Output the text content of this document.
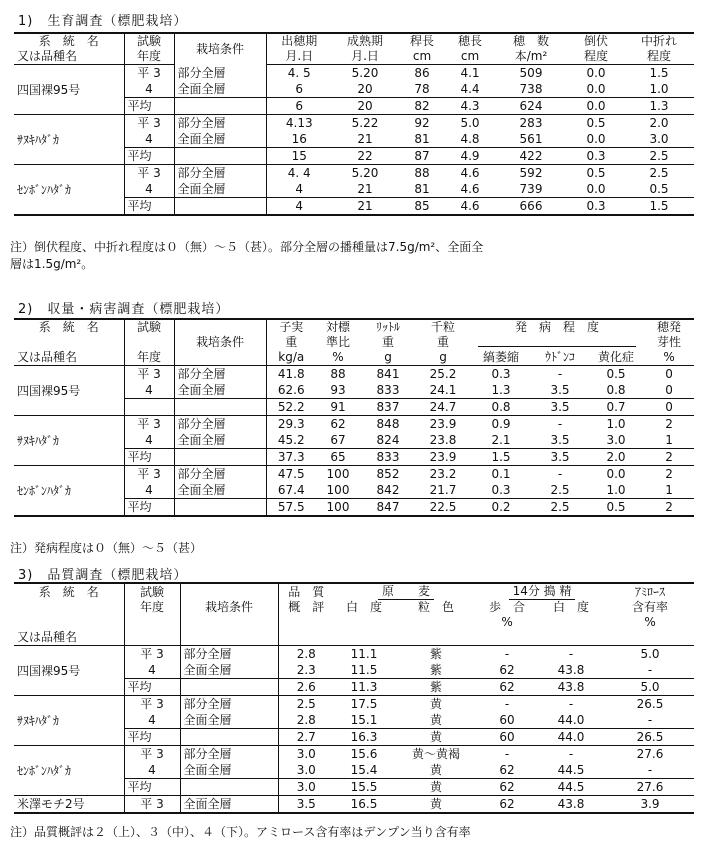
1)　生育調査（標肥栽培）
系　統　名	試験	栽培条件	出穂期	成熟期	稈長	穂長	穂　数	倒伏	中折れ
又は品種名	年度		月.日	月.日	cm	cm	本/m²	程度	程度
四国裸95号	平 3	部分全層	4. 5	5.20	86	4.1	509	0.0	1.5
	4	全面全層	6	20	78	4.4	738	0.0	1.0
	平均		6	20	82	4.3	624	0.0	1.3
ｻﾇｷﾊﾀﾞｶ	平 3	部分全層	4.13	5.22	92	5.0	283	0.5	2.0
	4	全面全層	16	21	81	4.8	561	0.0	3.0
	平均		15	22	87	4.9	422	0.3	2.5
ｾﾝﾎﾞﾝﾊﾀﾞｶ	平 3	部分全層	4. 4	5.20	88	4.6	592	0.5	2.5
	4	全面全層	4	21	81	4.6	739	0.0	0.5
	平均		4	21	85	4.6	666	0.3	1.5
注）倒伏程度、中折れ程度は０（無）〜５（甚）。部分全層の播種量は7.5g/m²、全面全
層は1.5g/m²。
2)　収量・病害調査（標肥栽培）
系　統　名	試験		子実	対標	ﾘｯﾄﾙ	千粒	発　病　程　度			穂発
		栽培条件	重	準比	重	重				芽性
又は品種名	年度		kg/a	%	g	g	縞萎縮	ｳﾄﾞﾝｺ	黄化症	%
四国裸95号	平 3	部分全層	41.8	88	841	25.2	0.3	-	0.5	0
	4	全面全層	62.6	93	833	24.1	1.3	3.5	0.8	0
			52.2	91	837	24.7	0.8	3.5	0.7	0
ｻﾇｷﾊﾀﾞｶ	平 3	部分全層	29.3	62	848	23.9	0.9	-	1.0	2
	4	全面全層	45.2	67	824	23.8	2.1	3.5	3.0	1
	平均		37.3	65	833	23.9	1.5	3.5	2.0	2
ｾﾝﾎﾞﾝﾊﾀﾞｶ	平 3	部分全層	47.5	100	852	23.2	0.1	-	0.0	2
	4	全面全層	67.4	100	842	21.7	0.3	2.5	1.0	1
	平均		57.5	100	847	22.5	0.2	2.5	0.5	2
注）発病程度は０（無）〜５（甚）
3)　品質調査（標肥栽培）
系　統　名	試験		品　質	原　　麦		14分 搗 精		ｱﾐﾛｰｽ
	年度	栽培条件	概　評	白　度	粒　色	歩　合	白　度	含有率
						%		%
又は品種名								
四国裸95号	平 3	部分全層	2.8	11.1	紫	-	-	5.0
	4	全面全層	2.3	11.5	紫	62	43.8	-
	平均		2.6	11.3	紫	62	43.8	5.0
ｻﾇｷﾊﾀﾞｶ	平 3	部分全層	2.5	17.5	黄	-	-	26.5
	4	全面全層	2.8	15.1	黄	60	44.0	-
	平均		2.7	16.3	黄	60	44.0	26.5
ｾﾝﾎﾞﾝﾊﾀﾞｶ	平 3	部分全層	3.0	15.6	黄〜黄褐	-	-	27.6
	4	全面全層	3.0	15.4	黄	62	44.5	-
	平均		3.0	15.5	黄	62	44.5	27.6
米澤モチ2号	平 3	全面全層	3.5	16.5	黄	62	43.8	3.9
注）品質概評は２（上）、３（中）、４（下）。アミロース含有率はデンプン当り含有率
